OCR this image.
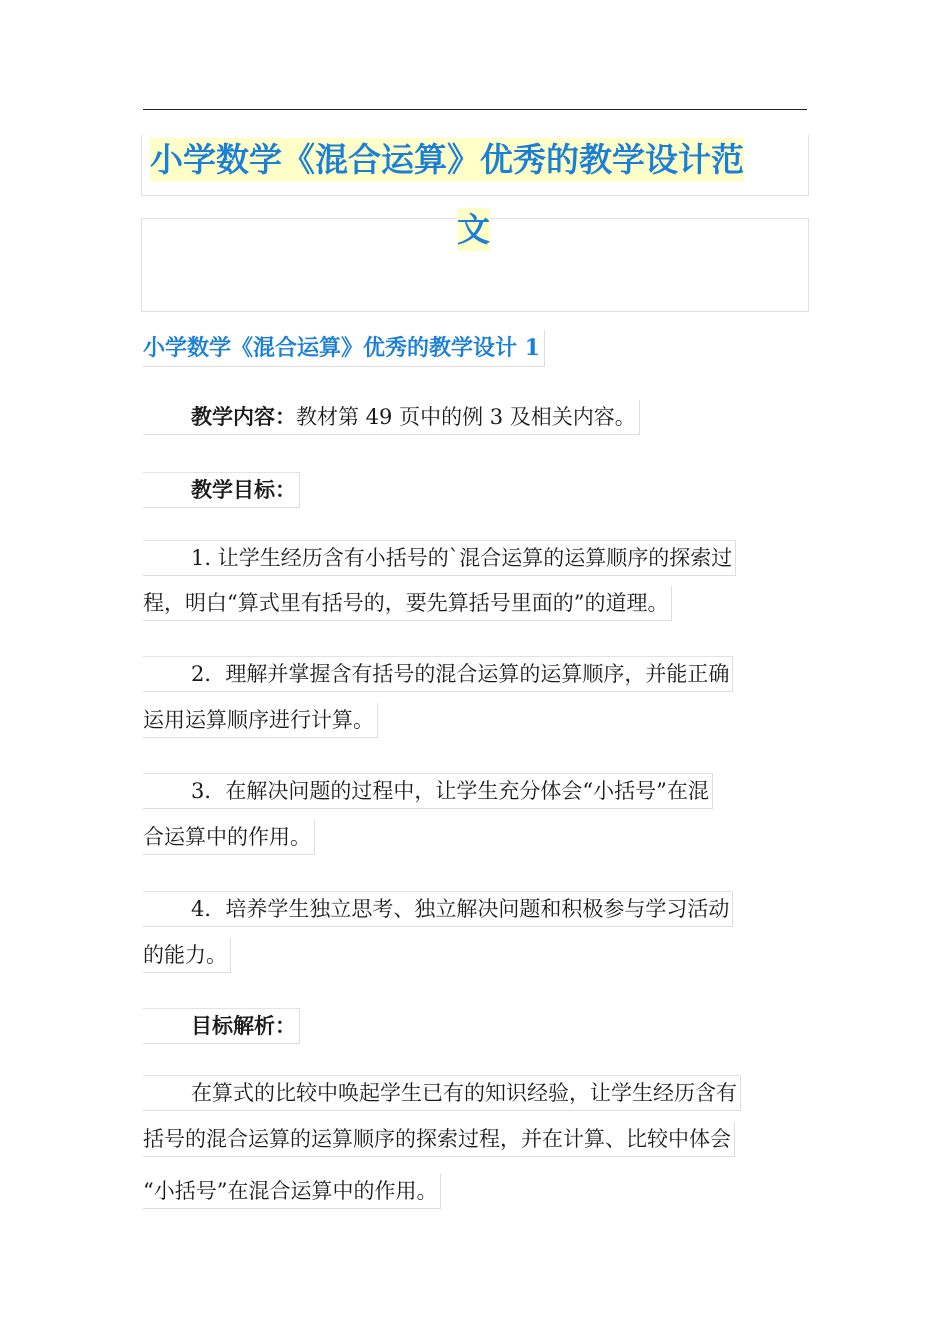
小学数学《混合运算》优秀的教学设计范
文
小学数学《混合运算》优秀的教学设计 1
教学内容：教材第 49 页中的例 3 及相关内容。
教学目标：
1. 让学生经历含有小括号的`混合运算的运算顺序的探索过
程，明白“算式里有括号的，要先算括号里面的”的道理。
2．理解并掌握含有括号的混合运算的运算顺序，并能正确
运用运算顺序进行计算。
3．在解决问题的过程中，让学生充分体会“小括号”在混
合运算中的作用。
4．培养学生独立思考、独立解决问题和积极参与学习活动
的能力。
目标解析：
在算式的比较中唤起学生已有的知识经验，让学生经历含有
括号的混合运算的运算顺序的探索过程，并在计算、比较中体会
“小括号”在混合运算中的作用。
